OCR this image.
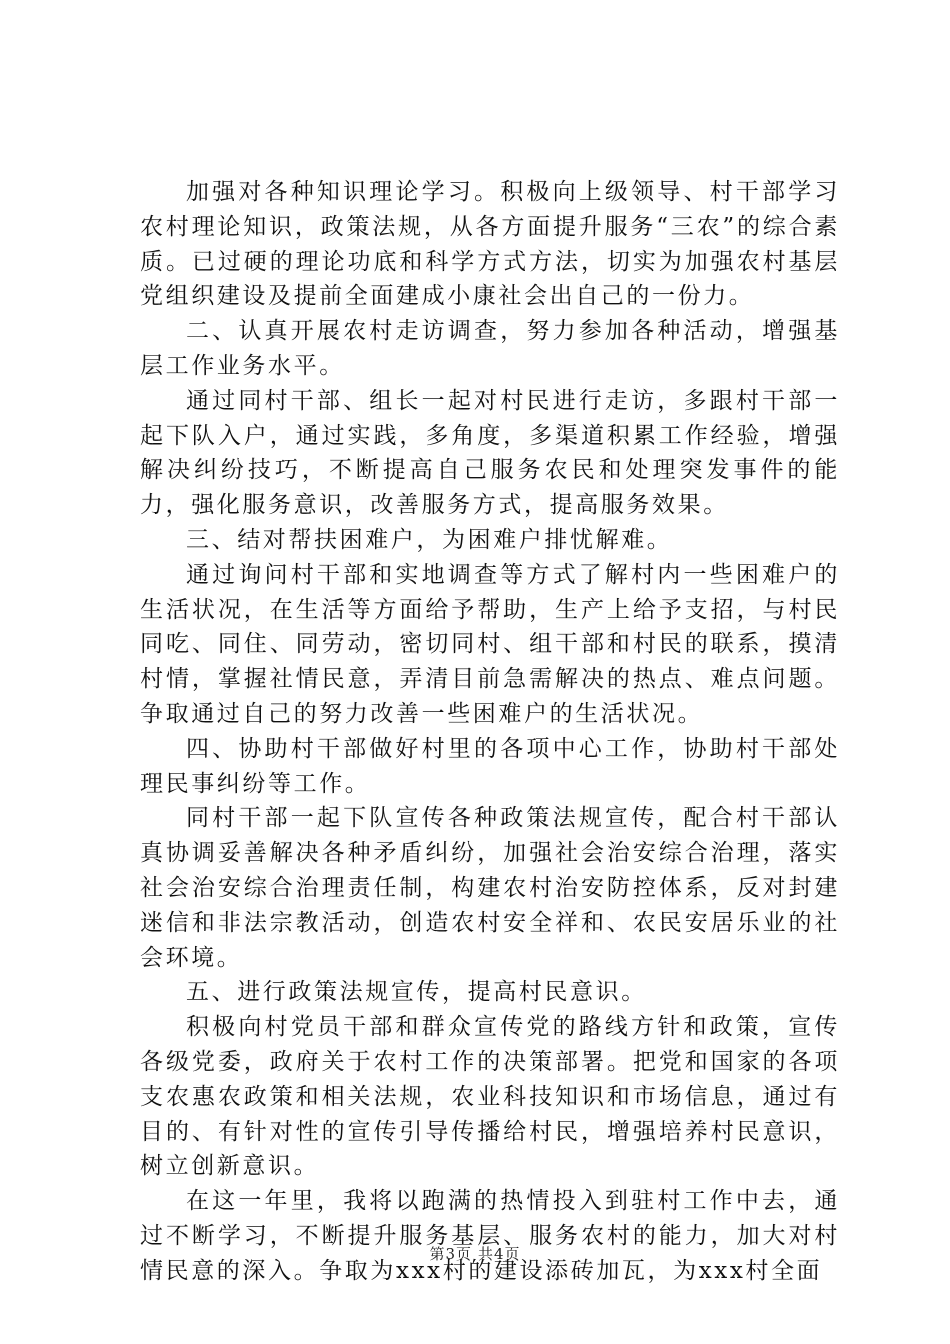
加强对各种知识理论学习。积极向上级领导、村干部学习农村理论知识，政策法规，从各方面提升服务“三农”的综合素质。已过硬的理论功底和科学方式方法，切实为加强农村基层党组织建设及提前全面建成小康社会出自己的一份力。

二、认真开展农村走访调查，努力参加各种活动，增强基层工作业务水平。

通过同村干部、组长一起对村民进行走访，多跟村干部一起下队入户，通过实践，多角度，多渠道积累工作经验，增强解决纠纷技巧，不断提高自己服务农民和处理突发事件的能力，强化服务意识，改善服务方式，提高服务效果。

三、结对帮扶困难户，为困难户排忧解难。

通过询问村干部和实地调查等方式了解村内一些困难户的生活状况，在生活等方面给予帮助，生产上给予支招，与村民同吃、同住、同劳动，密切同村、组干部和村民的联系，摸清村情，掌握社情民意，弄清目前急需解决的热点、难点问题。争取通过自己的努力改善一些困难户的生活状况。

四、协助村干部做好村里的各项中心工作，协助村干部处理民事纠纷等工作。

同村干部一起下队宣传各种政策法规宣传，配合村干部认真协调妥善解决各种矛盾纠纷，加强社会治安综合治理，落实社会治安综合治理责任制，构建农村治安防控体系，反对封建迷信和非法宗教活动，创造农村安全祥和、农民安居乐业的社会环境。

五、进行政策法规宣传，提高村民意识。

积极向村党员干部和群众宣传党的路线方针和政策，宣传各级党委，政府关于农村工作的决策部署。把党和国家的各项支农惠农政策和相关法规，农业科技知识和市场信息，通过有目的、有针对性的宣传引导传播给村民，增强培养村民意识，树立创新意识。

在这一年里，我将以跑满的热情投入到驻村工作中去，通过不断学习，不断提升服务基层、服务农村的能力，加大对村情民意的深入。争取为xxx村的建设添砖加瓦，为xxx村全面

第3页 共4页
